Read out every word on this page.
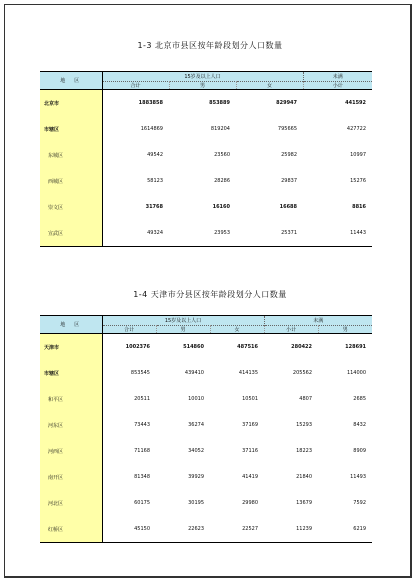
1-3 北京市县区按年龄段划分人口数量
地　区	15岁及以上人口			未满
	合计	男	女	小计
北京市	1883858	853889	829947	441592
市辖区	1614869	819204	795665	427722
东城区	49542	23560	25982	10997
西城区	58123	28286	29837	15276
崇文区	31768	16160	16688	8816
宣武区	49324	23953	25371	11443
1-4 天津市分县区按年龄段划分人口数量
地　区	15岁及以上人口			未满	
	合计	男	女	小计	男
天津市	1002376	514860	487516	280422	128691
市辖区	853545	439410	414135	205562	114000
和平区	20511	10010	10501	4807	2685
河东区	73443	36274	37169	15293	8432
河西区	71168	34052	37116	18223	8909
南开区	81348	39929	41419	21840	11493
河北区	60175	30195	29980	13679	7592
红桥区	45150	22623	22527	11239	6219
